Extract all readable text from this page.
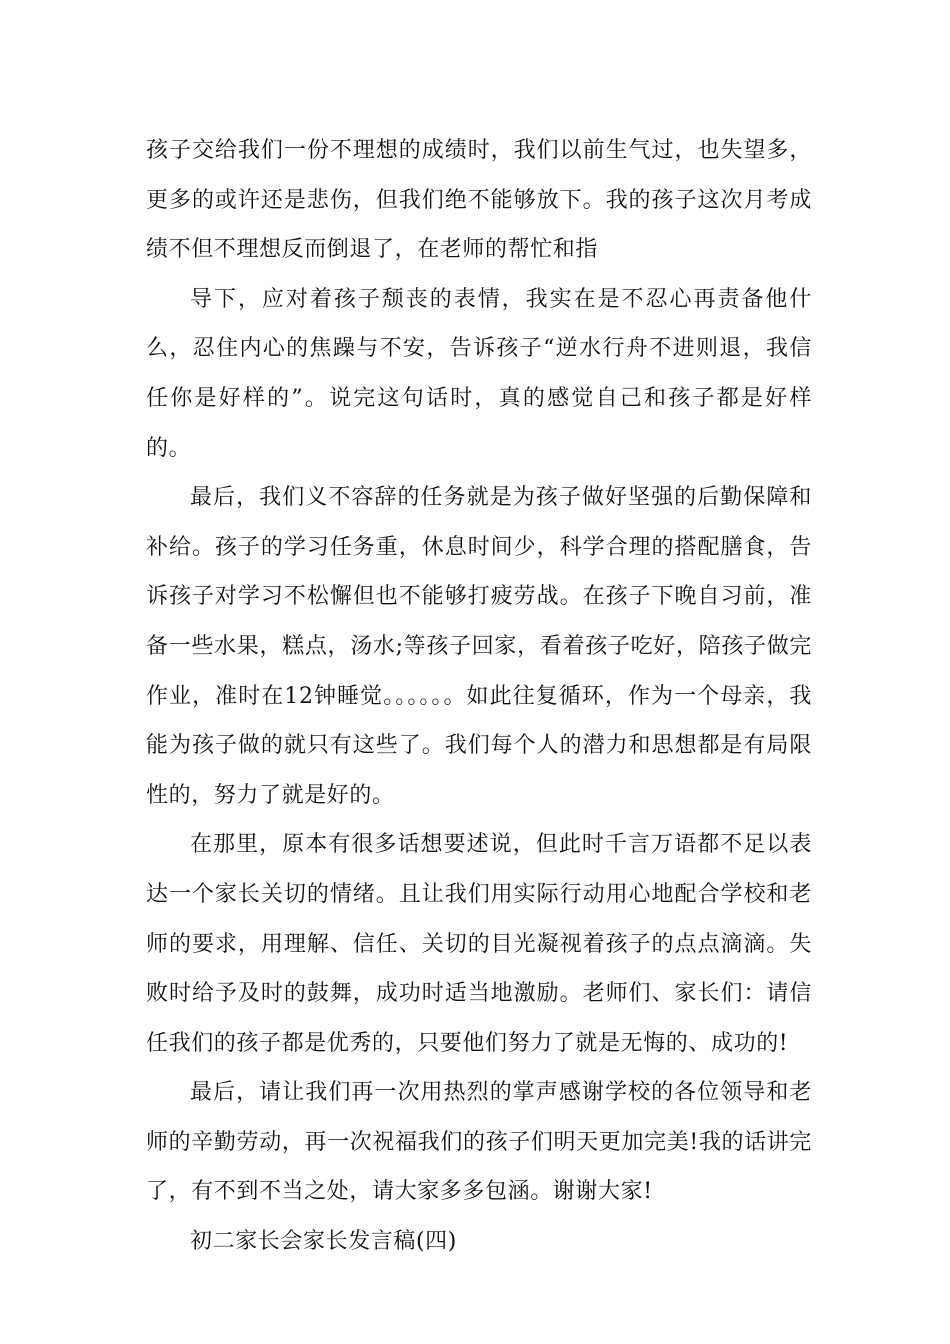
孩子交给我们一份不理想的成绩时，我们以前生气过，也失望多，更多的或许还是悲伤，但我们绝不能够放下。我的孩子这次月考成绩不但不理想反而倒退了，在老师的帮忙和指

导下，应对着孩子颓丧的表情，我实在是不忍心再责备他什么，忍住内心的焦躁与不安，告诉孩子“逆水行舟不进则退，我信任你是好样的”。说完这句话时，真的感觉自己和孩子都是好样的。

最后，我们义不容辞的任务就是为孩子做好坚强的后勤保障和补给。孩子的学习任务重，休息时间少，科学合理的搭配膳食，告诉孩子对学习不松懈但也不能够打疲劳战。在孩子下晚自习前，准备一些水果，糕点，汤水;等孩子回家，看着孩子吃好，陪孩子做完作业，准时在12钟睡觉。。。。。。如此往复循环，作为一个母亲，我能为孩子做的就只有这些了。我们每个人的潜力和思想都是有局限性的，努力了就是好的。

在那里，原本有很多话想要述说，但此时千言万语都不足以表达一个家长关切的情绪。且让我们用实际行动用心地配合学校和老师的要求，用理解、信任、关切的目光凝视着孩子的点点滴滴。失败时给予及时的鼓舞，成功时适当地激励。老师们、家长们：请信任我们的孩子都是优秀的，只要他们努力了就是无悔的、成功的!

最后，请让我们再一次用热烈的掌声感谢学校的各位领导和老师的辛勤劳动，再一次祝福我们的孩子们明天更加完美!我的话讲完了，有不到不当之处，请大家多多包涵。谢谢大家!

初二家长会家长发言稿(四)
